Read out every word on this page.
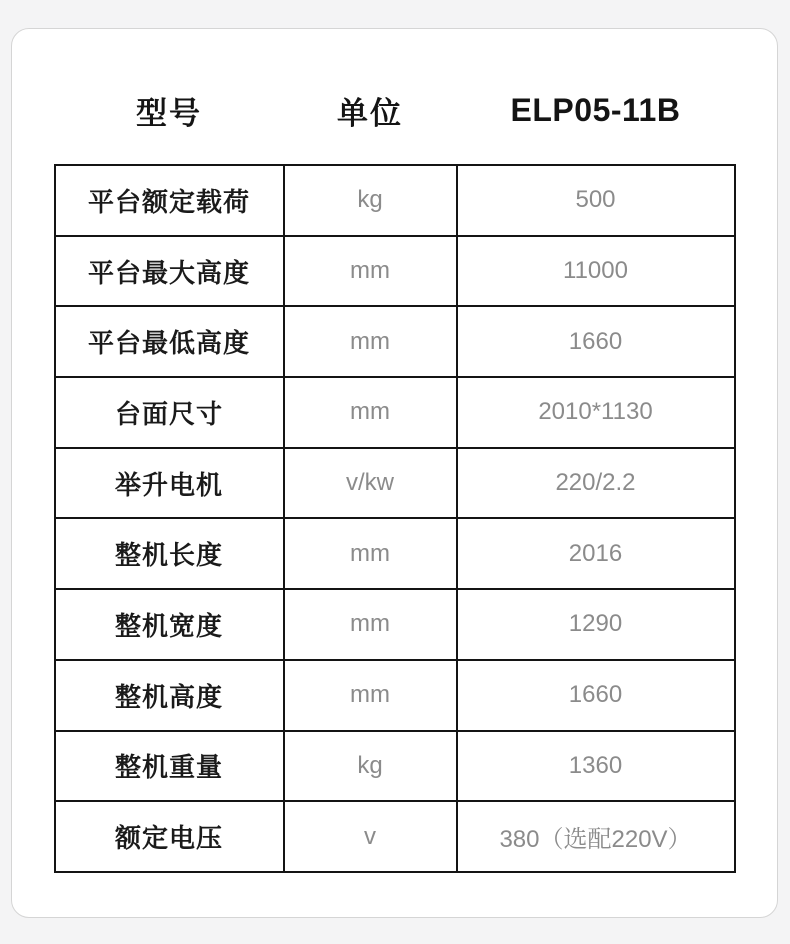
型号	单位	ELP05-11B
平台额定载荷	kg	500
平台最大高度	mm	11000
平台最低高度	mm	1660
台面尺寸	mm	2010*1130
举升电机	v/kw	220/2.2
整机长度	mm	2016
整机宽度	mm	1290
整机高度	mm	1660
整机重量	kg	1360
额定电压	v	380（选配220V）
